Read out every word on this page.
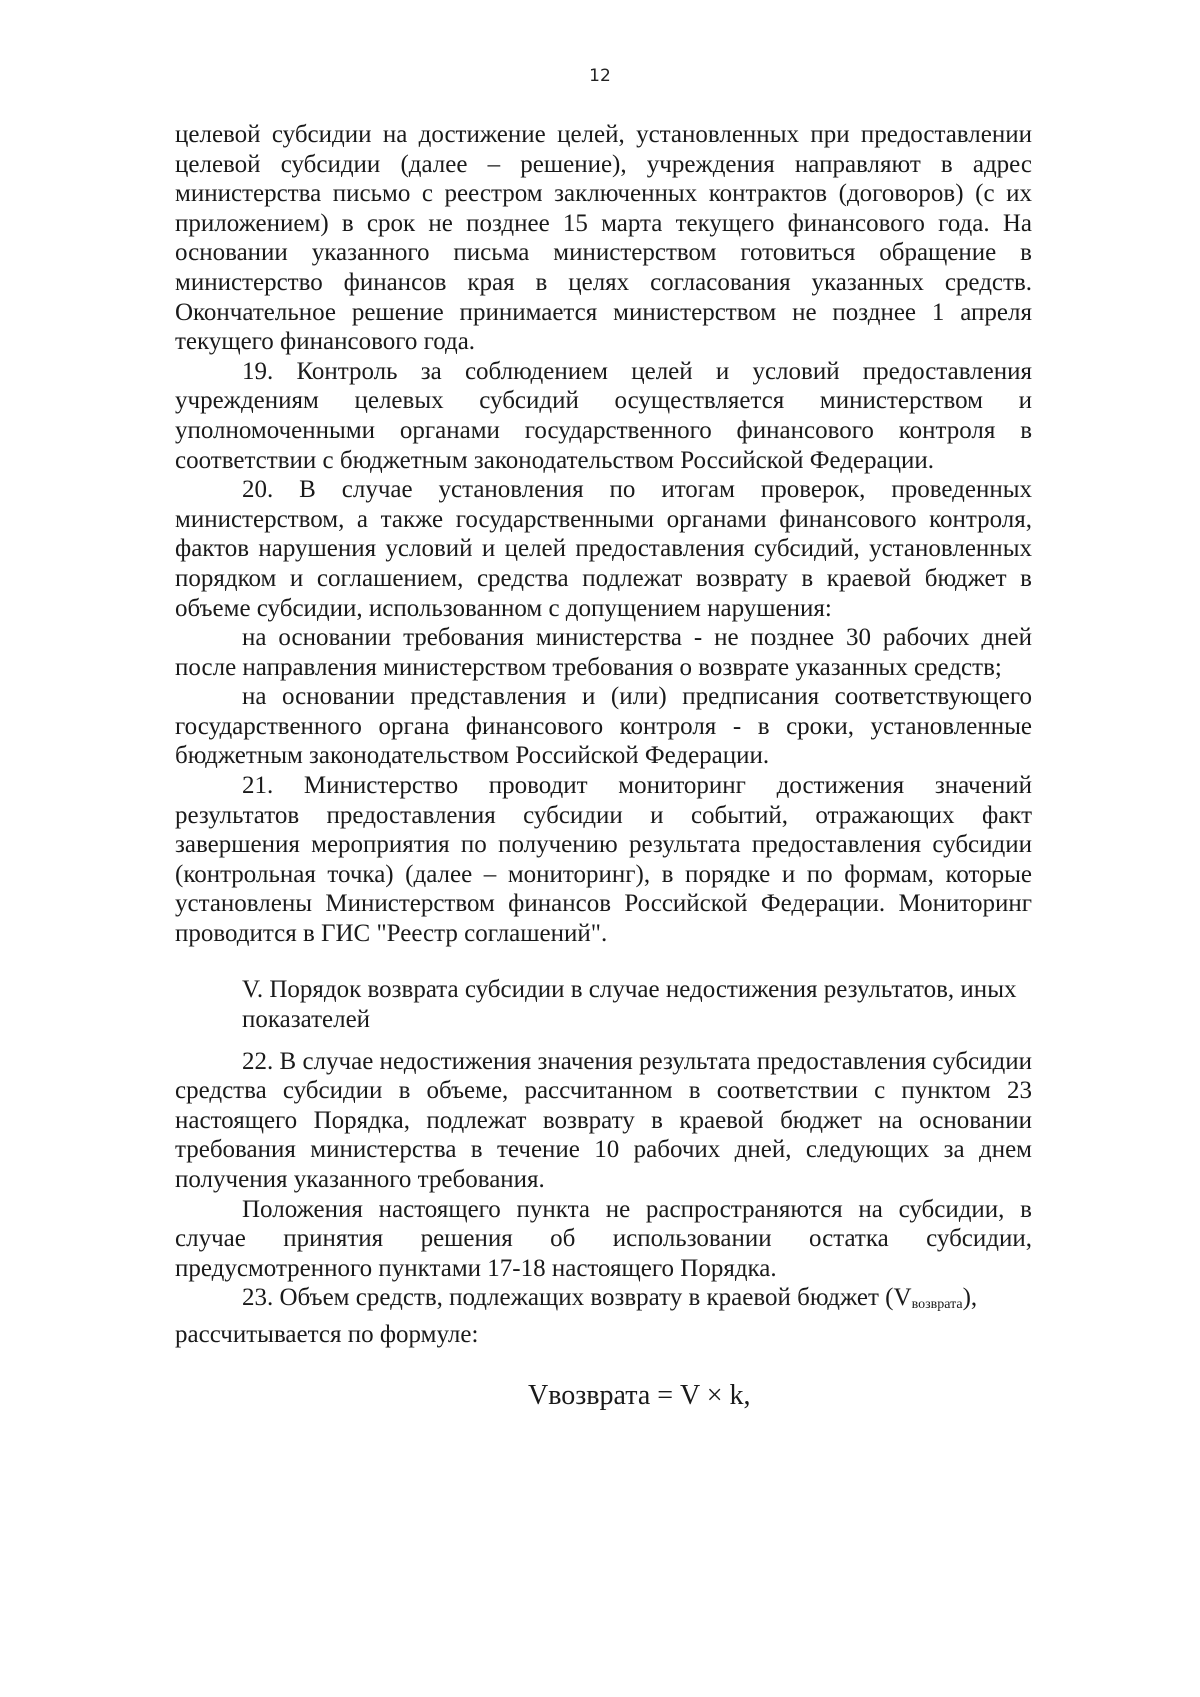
12

целевой субсидии на достижение целей, установленных при предоставлении целевой субсидии (далее – решение), учреждения направляют в адрес министерства письмо с реестром заключенных контрактов (договоров) (с их приложением) в срок не позднее 15 марта текущего финансового года. На основании указанного письма министерством готовиться обращение в министерство финансов края в целях согласования указанных средств. Окончательное решение принимается министерством не позднее 1 апреля текущего финансового года.

19. Контроль за соблюдением целей и условий предоставления учреждениям целевых субсидий осуществляется министерством и уполномоченными органами государственного финансового контроля в соответствии с бюджетным законодательством Российской Федерации.

20. В случае установления по итогам проверок, проведенных министерством, а также государственными органами финансового контроля, фактов нарушения условий и целей предоставления субсидий, установленных порядком и соглашением, средства подлежат возврату в краевой бюджет в объеме субсидии, использованном с допущением нарушения:

на основании требования министерства - не позднее 30 рабочих дней после направления министерством требования о возврате указанных средств;

на основании представления и (или) предписания соответствующего государственного органа финансового контроля - в сроки, установленные бюджетным законодательством Российской Федерации.

21. Министерство проводит мониторинг достижения значений результатов предоставления субсидии и событий, отражающих факт завершения мероприятия по получению результата предоставления субсидии (контрольная точка) (далее – мониторинг), в порядке и по формам, которые установлены Министерством финансов Российской Федерации. Мониторинг проводится в ГИС "Реестр соглашений".

V. Порядок возврата субсидии в случае недостижения результатов, иных показателей

22. В случае недостижения значения результата предоставления субсидии средства субсидии в объеме, рассчитанном в соответствии с пунктом 23 настоящего Порядка, подлежат возврату в краевой бюджет на основании требования министерства в течение 10 рабочих дней, следующих за днем получения указанного требования.

Положения настоящего пункта не распространяются на субсидии, в случае принятия решения об использовании остатка субсидии, предусмотренного пунктами 17-18 настоящего Порядка.

23. Объем средств, подлежащих возврату в краевой бюджет $(V_{возврата})$,

рассчитывается по формуле:

Vвозврата = V × k,
